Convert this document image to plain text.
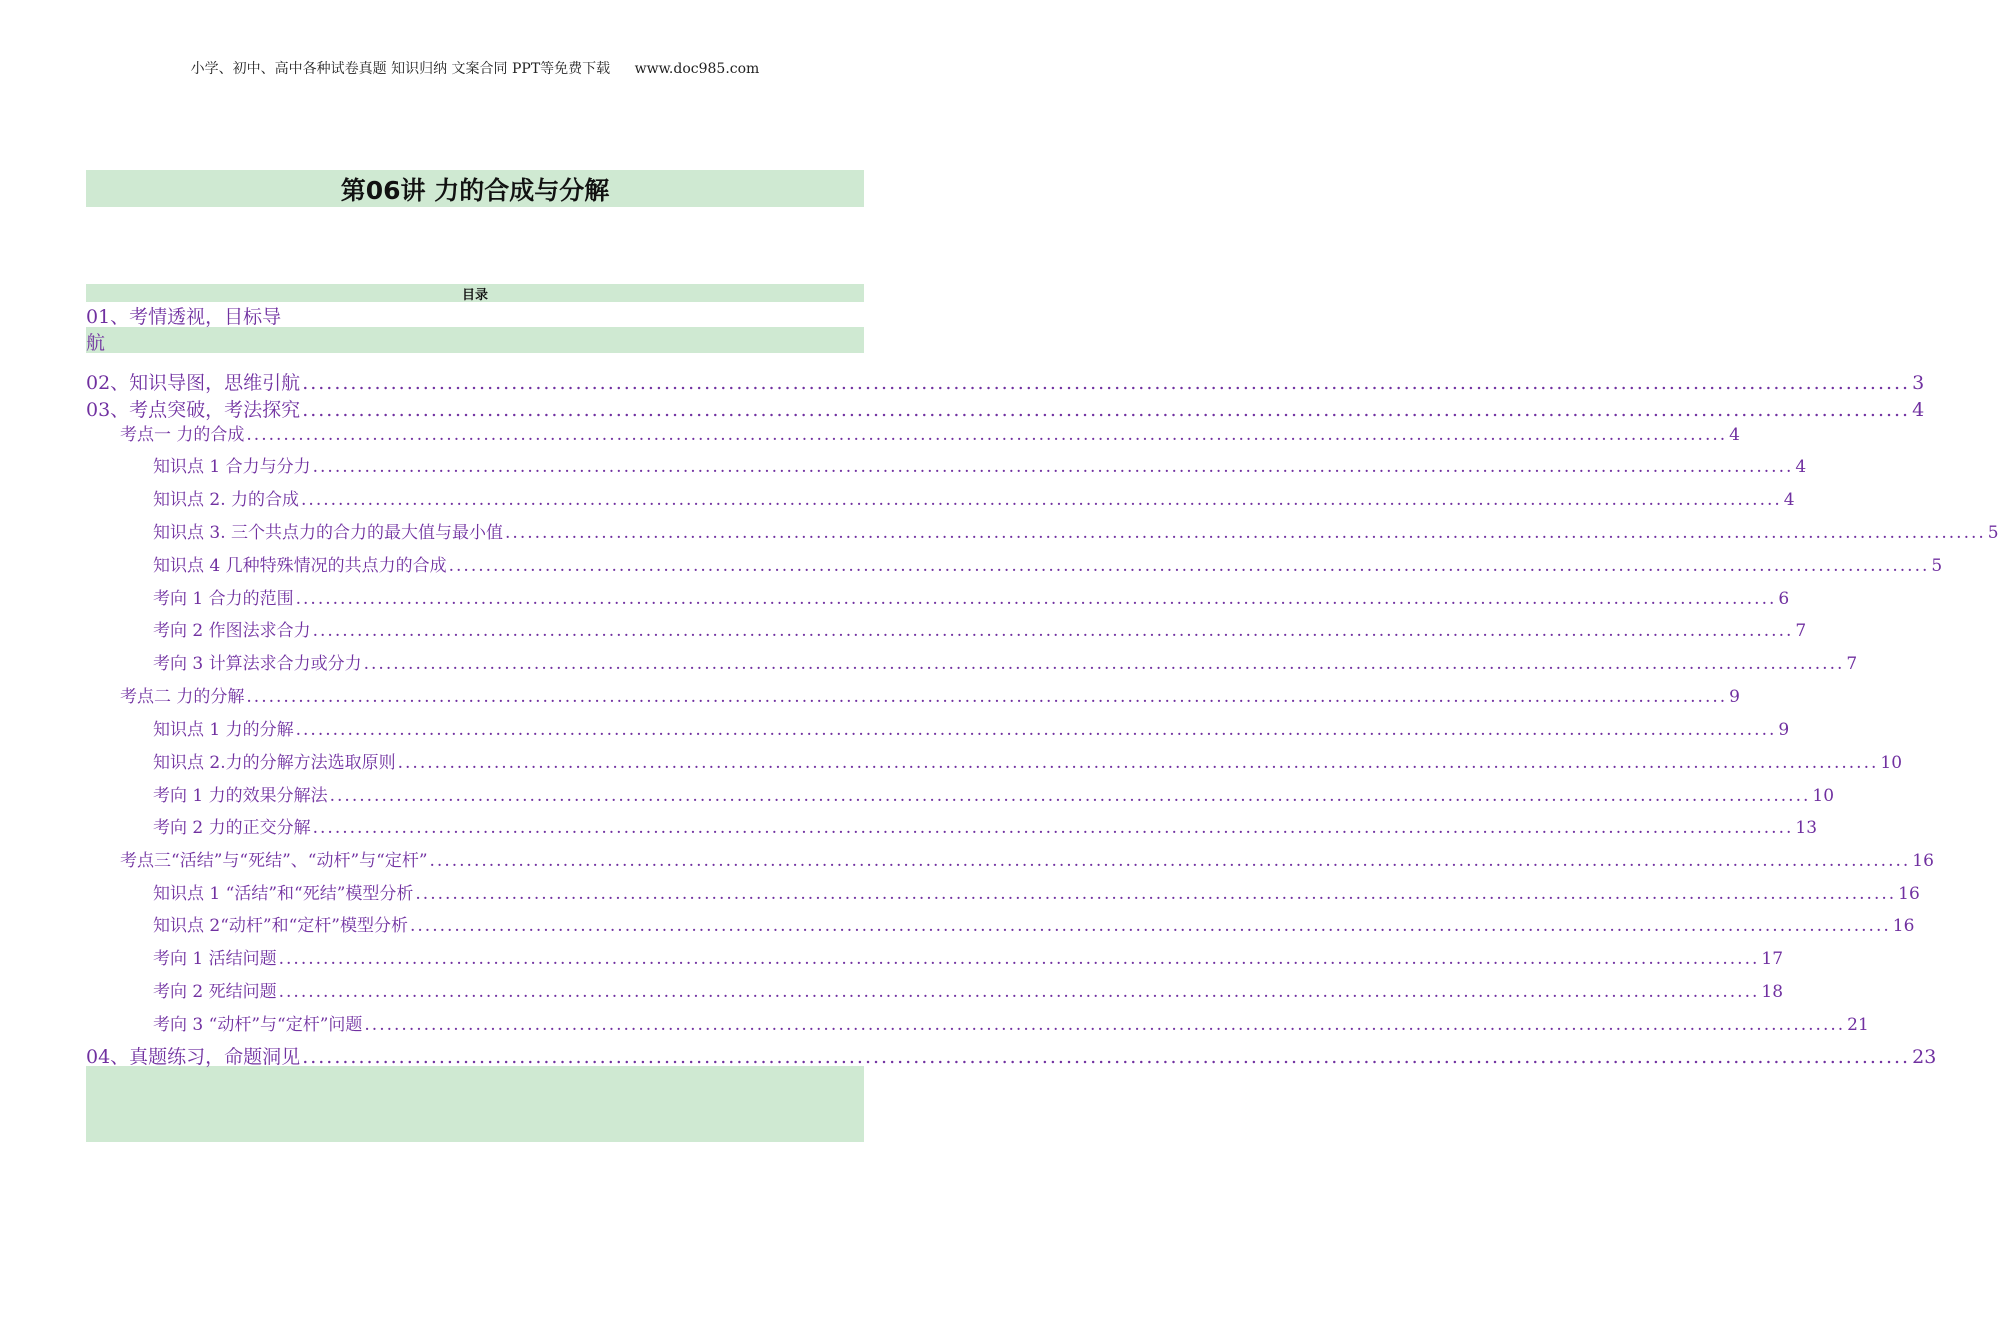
小学、初中、高中各种试卷真题 知识归纳 文案合同 PPT等免费下载 www.doc985.com
第06讲 力的合成与分解
目录
01、考情透视，目标导
航
02、知识导图，思维引航 ........................................................................................................................................................................................................ 3
03、考点突破，考法探究 ........................................................................................................................................................................................................ 4
考点一 力的合成 ........................................................................................................................................................................................................ 4
知识点 1 合力与分力 ........................................................................................................................................................................................................ 4
知识点 2. 力的合成 ........................................................................................................................................................................................................ 4
知识点 3. 三个共点力的合力的最大值与最小值 ........................................................................................................................................................................................................ 5
知识点 4 几种特殊情况的共点力的合成 ........................................................................................................................................................................................................ 5
考向 1 合力的范围 ........................................................................................................................................................................................................ 6
考向 2 作图法求合力 ........................................................................................................................................................................................................ 7
考向 3 计算法求合力或分力 ........................................................................................................................................................................................................ 7
考点二 力的分解 ........................................................................................................................................................................................................ 9
知识点 1 力的分解 ........................................................................................................................................................................................................ 9
知识点 2.力的分解方法选取原则 ........................................................................................................................................................................................................ 10
考向 1 力的效果分解法 ........................................................................................................................................................................................................ 10
考向 2 力的正交分解 ........................................................................................................................................................................................................ 13
考点三“活结”与“死结”、“动杆”与“定杆” ........................................................................................................................................................................................................ 16
知识点 1 “活结”和“死结”模型分析 ........................................................................................................................................................................................................ 16
知识点 2“动杆”和“定杆”模型分析 ........................................................................................................................................................................................................ 16
考向 1 活结问题 ........................................................................................................................................................................................................ 17
考向 2 死结问题 ........................................................................................................................................................................................................ 18
考向 3 “动杆”与“定杆”问题 ........................................................................................................................................................................................................ 21
04、真题练习，命题洞见 ........................................................................................................................................................................................................ 23
